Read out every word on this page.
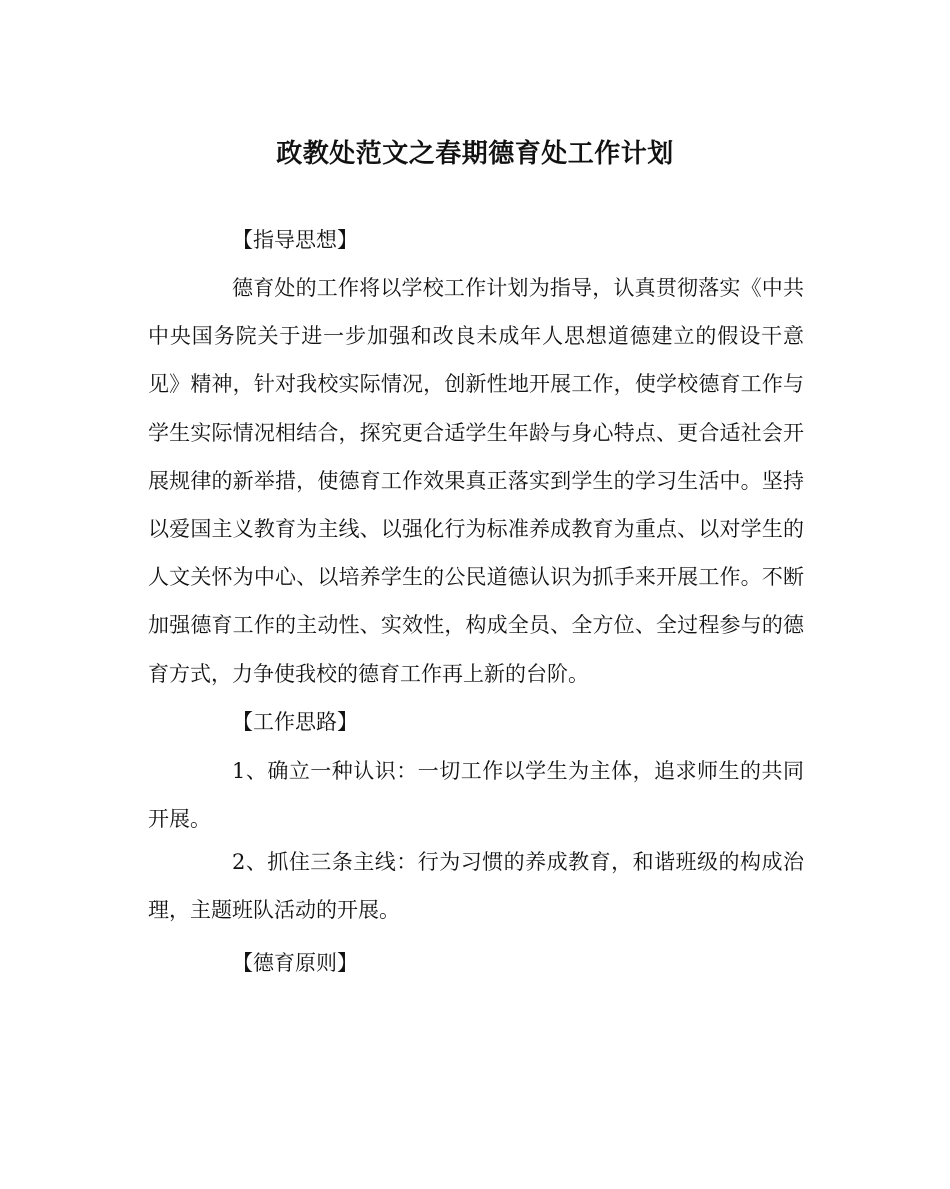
政教处范文之春期德育处工作计划

【指导思想】

德育处的工作将以学校工作计划为指导，认真贯彻落实《中共中央国务院关于进一步加强和改良未成年人思想道德建立的假设干意见》精神，针对我校实际情况，创新性地开展工作，使学校德育工作与学生实际情况相结合，探究更合适学生年龄与身心特点、更合适社会开展规律的新举措，使德育工作效果真正落实到学生的学习生活中。坚持以爱国主义教育为主线、以强化行为标准养成教育为重点、以对学生的人文关怀为中心、以培养学生的公民道德认识为抓手来开展工作。不断加强德育工作的主动性、实效性，构成全员、全方位、全过程参与的德育方式，力争使我校的德育工作再上新的台阶。

【工作思路】

1、确立一种认识：一切工作以学生为主体，追求师生的共同开展。

2、抓住三条主线：行为习惯的养成教育，和谐班级的构成治理，主题班队活动的开展。

【德育原则】
